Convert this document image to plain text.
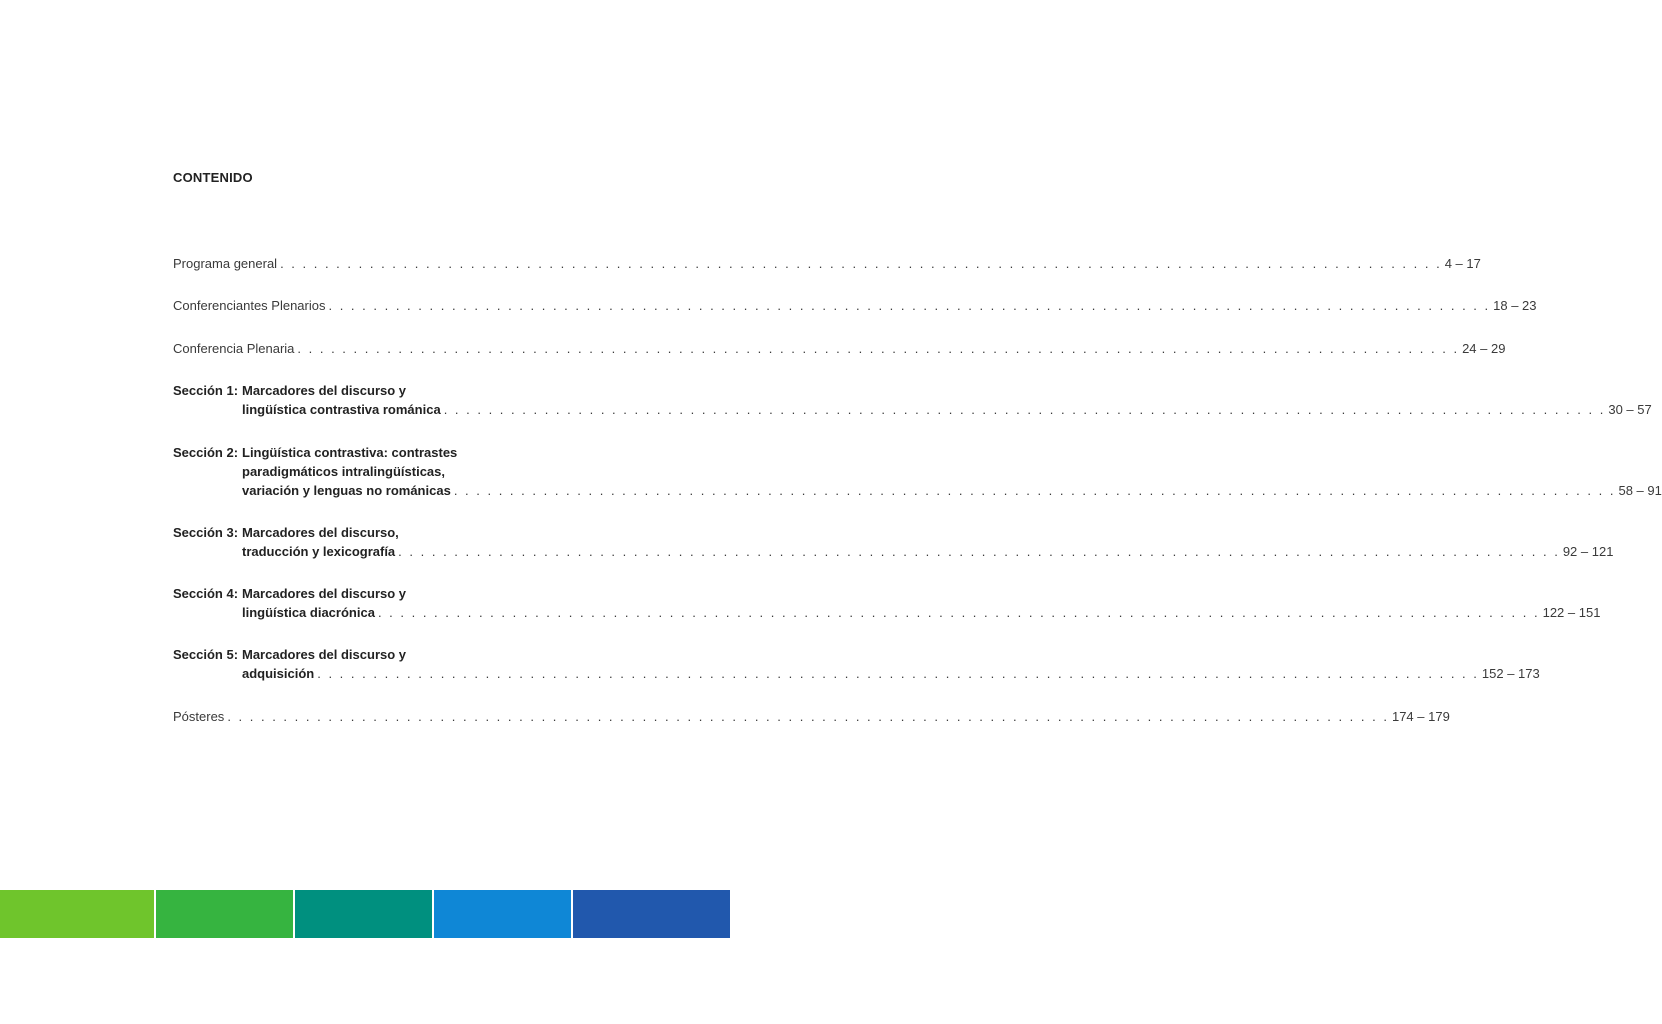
CONTENIDO
Programa general . . . . . . . . . . . . . . . . . . . . . . . . . . . . . . . . . . . . . . . . . . . . . . . . . . . . . . . . . . . . . . . . . . . . . . . . . . . . . . . . . . . . . . . . . . . . . . . . . . . . . . . . 4 – 17
Conferenciantes Plenarios . . . . . . . . . . . . . . . . . . . . . . . . . . . . . . . . . . . . . . . . . . . . . . . . . . . . . . . . . . . . . . . . . . . . . . . . . . . . . . . . . . . . . . . . . . . . . . . . . . . . . . . . 18 – 23
Conferencia Plenaria . . . . . . . . . . . . . . . . . . . . . . . . . . . . . . . . . . . . . . . . . . . . . . . . . . . . . . . . . . . . . . . . . . . . . . . . . . . . . . . . . . . . . . . . . . . . . . . . . . . . . . . . 24 – 29
Sección 1: Marcadores del discurso y
lingüística contrastiva románica . . . . . . . . . . . . . . . . . . . . . . . . . . . . . . . . . . . . . . . . . . . . . . . . . . . . . . . . . . . . . . . . . . . . . . . . . . . . . . . . . . . . . . . . . . . . . . . . . . . . . . . . 30 – 57
Sección 2: Lingüística contrastiva: contrastes
paradigmáticos intralingüísticas,
variación y lenguas no románicas . . . . . . . . . . . . . . . . . . . . . . . . . . . . . . . . . . . . . . . . . . . . . . . . . . . . . . . . . . . . . . . . . . . . . . . . . . . . . . . . . . . . . . . . . . . . . . . . . . . . . . . . 58 – 91
Sección 3: Marcadores del discurso,
traducción y lexicografía . . . . . . . . . . . . . . . . . . . . . . . . . . . . . . . . . . . . . . . . . . . . . . . . . . . . . . . . . . . . . . . . . . . . . . . . . . . . . . . . . . . . . . . . . . . . . . . . . . . . . . . . 92 – 121
Sección 4: Marcadores del discurso y
lingüística diacrónica . . . . . . . . . . . . . . . . . . . . . . . . . . . . . . . . . . . . . . . . . . . . . . . . . . . . . . . . . . . . . . . . . . . . . . . . . . . . . . . . . . . . . . . . . . . . . . . . . . . . . . . . 122 – 151
Sección 5: Marcadores del discurso y
adquisición . . . . . . . . . . . . . . . . . . . . . . . . . . . . . . . . . . . . . . . . . . . . . . . . . . . . . . . . . . . . . . . . . . . . . . . . . . . . . . . . . . . . . . . . . . . . . . . . . . . . . . . . 152 – 173
Pósteres . . . . . . . . . . . . . . . . . . . . . . . . . . . . . . . . . . . . . . . . . . . . . . . . . . . . . . . . . . . . . . . . . . . . . . . . . . . . . . . . . . . . . . . . . . . . . . . . . . . . . . . . 174 – 179
